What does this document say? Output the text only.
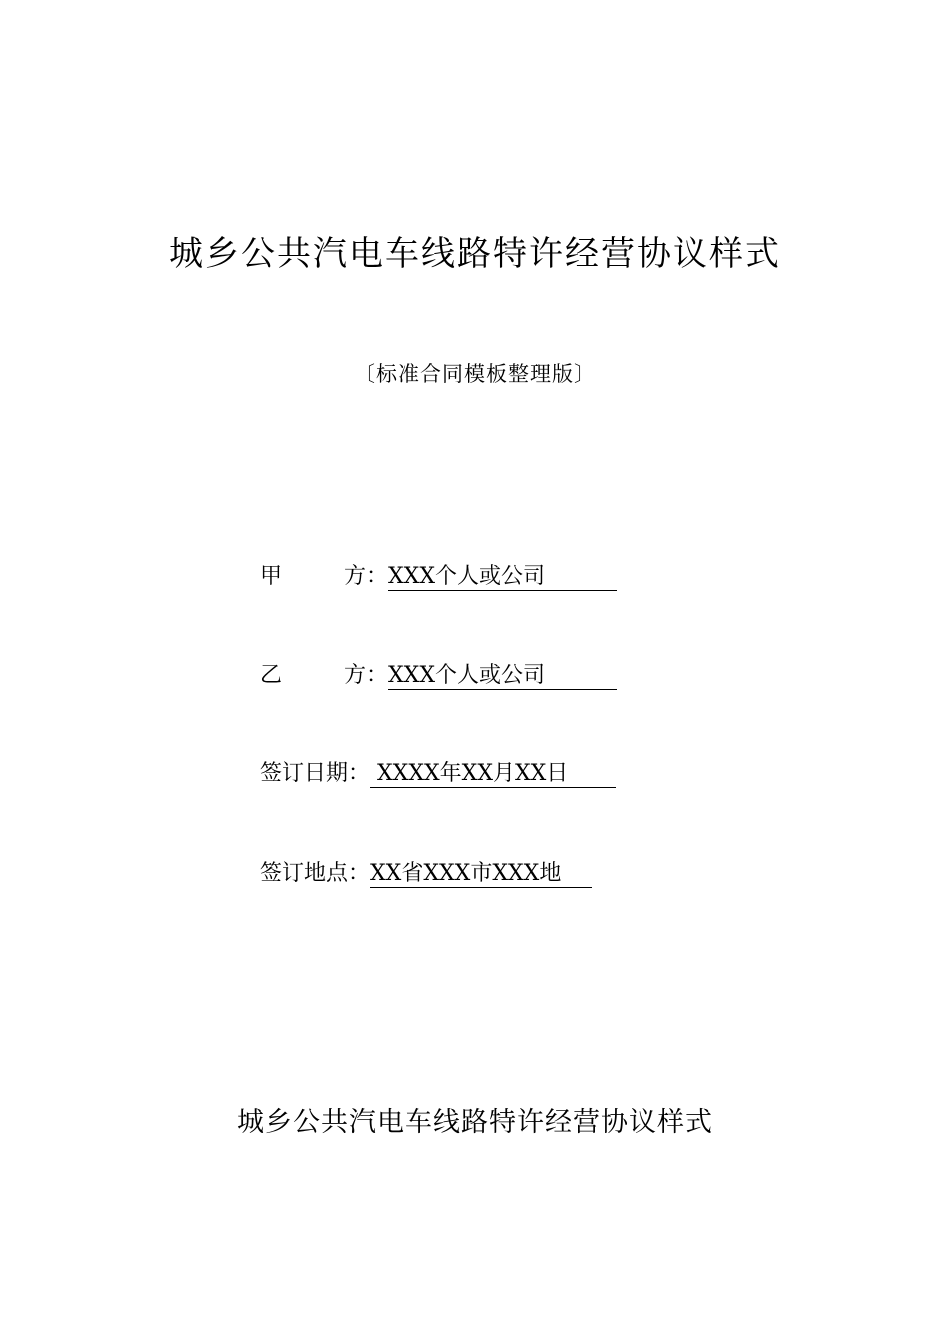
城乡公共汽电车线路特许经营协议样式
〔标准合同模板整理版〕
甲	方： XXX个人或公司
乙	方： XXX个人或公司
签订日期： XXXX年XX月XX日
签订地点：XX省XXX市XXX地
城乡公共汽电车线路特许经营协议样式
